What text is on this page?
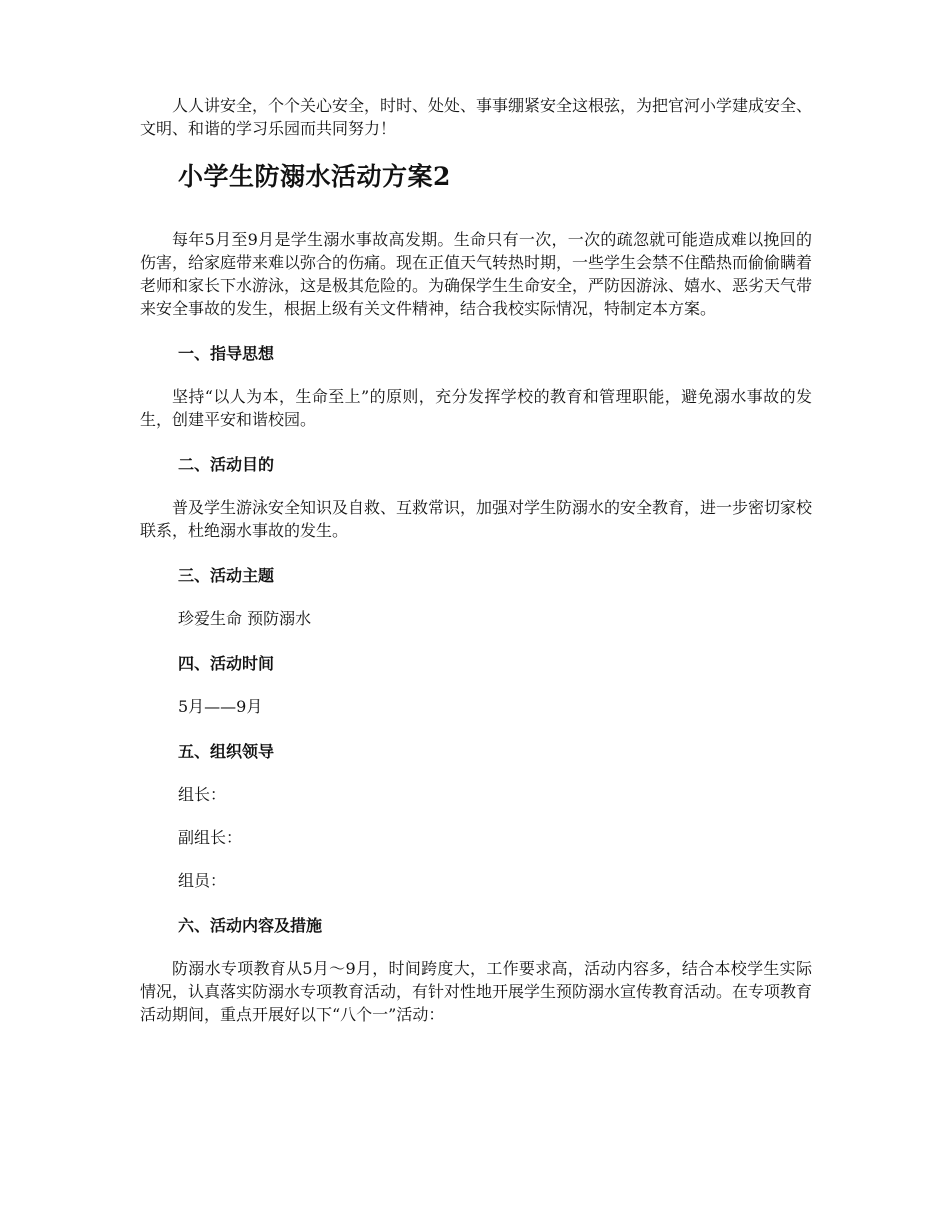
人人讲安全，个个关心安全，时时、处处、事事绷紧安全这根弦，为把官河小学建成安全、文明、和谐的学习乐园而共同努力！

小学生防溺水活动方案2

每年5月至9月是学生溺水事故高发期。生命只有一次，一次的疏忽就可能造成难以挽回的伤害，给家庭带来难以弥合的伤痛。现在正值天气转热时期，一些学生会禁不住酷热而偷偷瞒着老师和家长下水游泳，这是极其危险的。为确保学生生命安全，严防因游泳、嬉水、恶劣天气带来安全事故的发生，根据上级有关文件精神，结合我校实际情况，特制定本方案。

一、指导思想

坚持“以人为本，生命至上”的原则，充分发挥学校的教育和管理职能，避免溺水事故的发生，创建平安和谐校园。

二、活动目的

普及学生游泳安全知识及自救、互救常识，加强对学生防溺水的安全教育，进一步密切家校联系，杜绝溺水事故的发生。

三、活动主题

珍爱生命 预防溺水

四、活动时间

5月——9月

五、组织领导

组长：

副组长：

组员：

六、活动内容及措施

防溺水专项教育从5月～9月，时间跨度大，工作要求高，活动内容多，结合本校学生实际情况，认真落实防溺水专项教育活动，有针对性地开展学生预防溺水宣传教育活动。在专项教育活动期间，重点开展好以下“八个一”活动：
